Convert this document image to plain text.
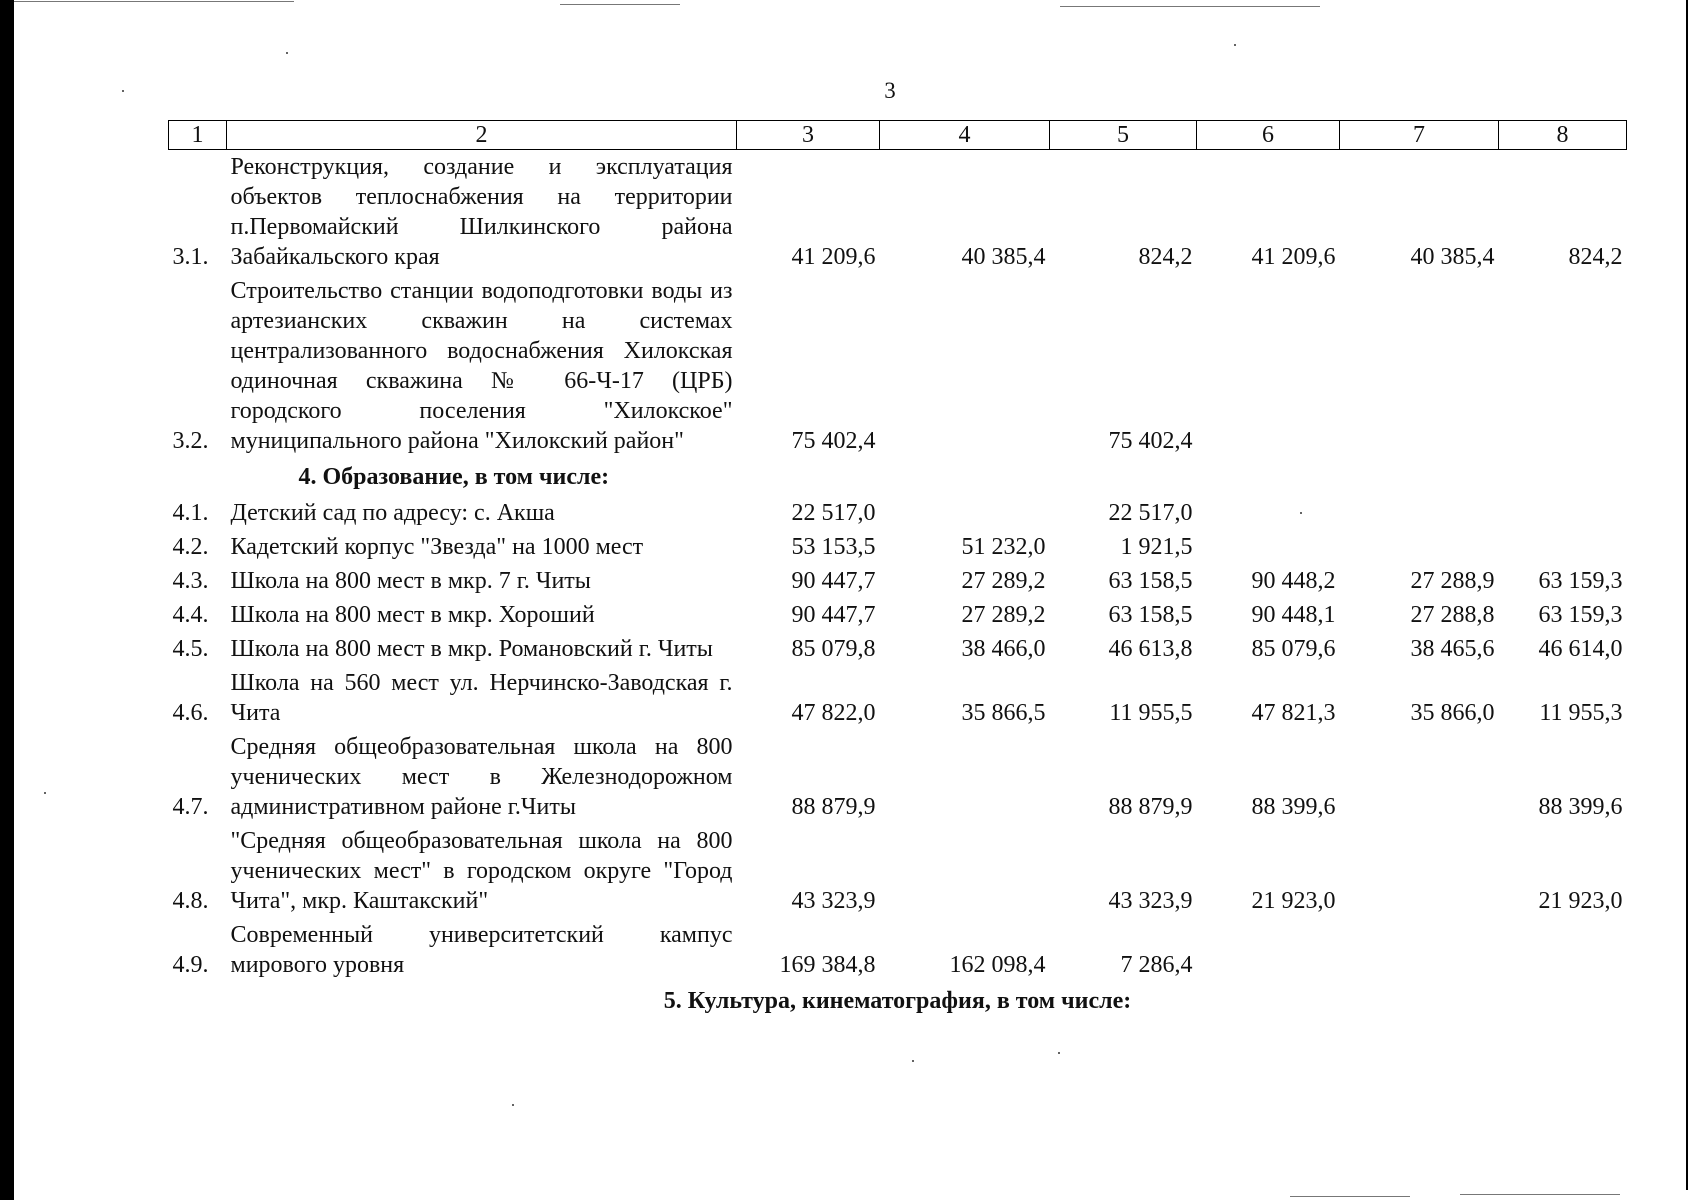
3
1	2	3	4	5	6	7	8
3.1.	Реконструкция, создание и эксплуатация объектов теплоснабжения на территории п.Первомайский Шилкинского района Забайкальского края	41 209,6	40 385,4	824,2	41 209,6	40 385,4	824,2
3.2.	Строительство станции водоподготовки воды из артезианских скважин на системах централизованного водоснабжения Хилокская одиночная скважина № 66-Ч-17 (ЦРБ) городского поселения "Хилокское" муниципального района "Хилокский район"	75 402,4		75 402,4			
4. Образование, в том числе:							
4.1.	Детский сад по адресу: с. Акша	22 517,0		22 517,0			
4.2.	Кадетский корпус "Звезда" на 1000 мест	53 153,5	51 232,0	1 921,5			
4.3.	Школа на 800 мест в мкр. 7 г. Читы	90 447,7	27 289,2	63 158,5	90 448,2	27 288,9	63 159,3
4.4.	Школа на 800 мест в мкр. Хороший	90 447,7	27 289,2	63 158,5	90 448,1	27 288,8	63 159,3
4.5.	Школа на 800 мест в мкр. Романовский г. Читы	85 079,8	38 466,0	46 613,8	85 079,6	38 465,6	46 614,0
4.6.	Школа на 560 мест ул. Нерчинско-Заводская г. Чита	47 822,0	35 866,5	11 955,5	47 821,3	35 866,0	11 955,3
4.7.	Средняя общеобразовательная школа на 800 ученических мест в Железнодорожном административном районе г.Читы	88 879,9		88 879,9	88 399,6		88 399,6
4.8.	"Средняя общеобразовательная школа на 800 ученических мест" в городском округе "Город Чита", мкр. Каштакский"	43 323,9		43 323,9	21 923,0		21 923,0
4.9.	Современный университетский кампус мирового уровня	169 384,8	162 098,4	7 286,4			
5. Культура, кинематография, в том числе:							
